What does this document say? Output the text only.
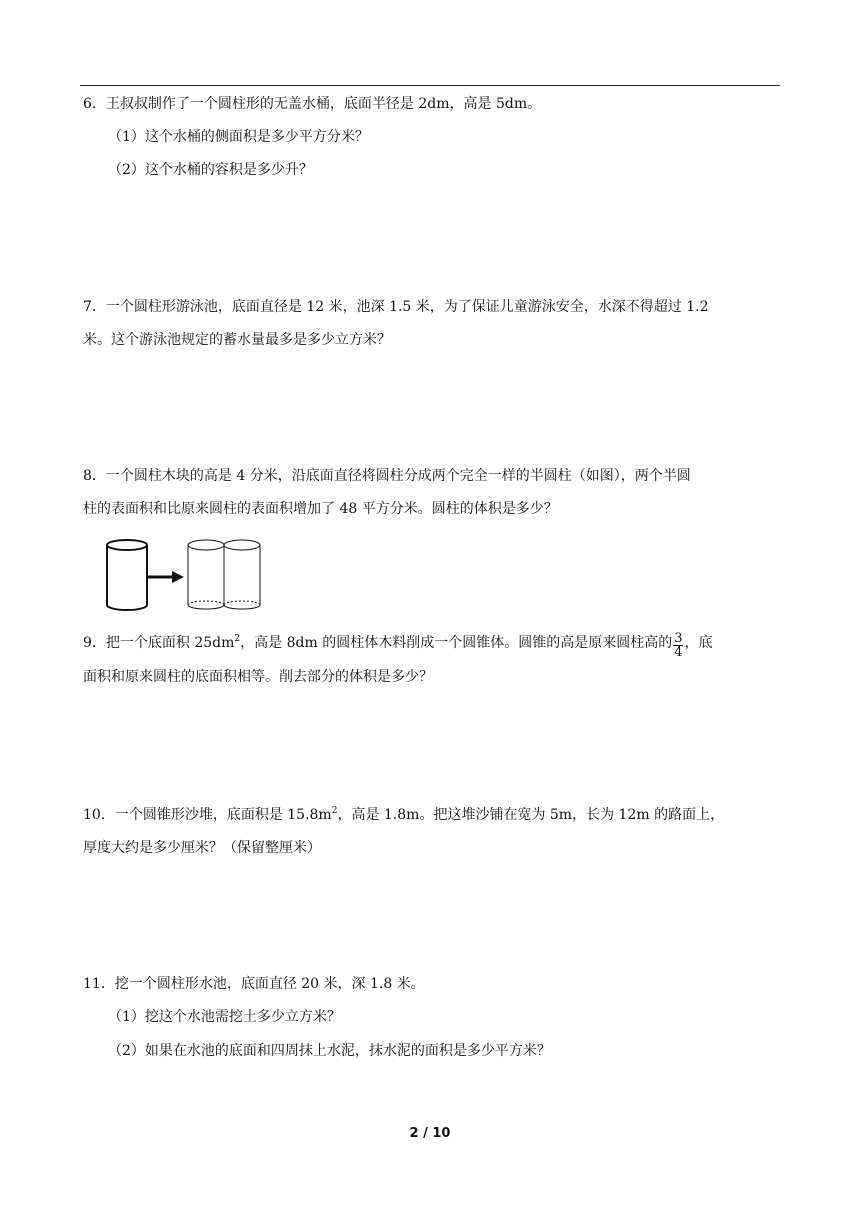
6．王叔叔制作了一个圆柱形的无盖水桶，底面半径是 2dm，高是 5dm。
（1）这个水桶的侧面积是多少平方分米？
（2）这个水桶的容积是多少升？
7．一个圆柱形游泳池，底面直径是 12 米，池深 1.5 米，为了保证儿童游泳安全，水深不得超过 1.2
米。这个游泳池规定的蓄水量最多是多少立方米？
8．一个圆柱木块的高是 4 分米，沿底面直径将圆柱分成两个完全一样的半圆柱（如图），两个半圆
柱的表面积和比原来圆柱的表面积增加了 48 平方分米。圆柱的体积是多少？
9．把一个底面积 $25dm^2$，高是 8dm 的圆柱体木料削成一个圆锥体。圆锥的高是原来圆柱高的 $\frac{3}{4}$ ，底
面积和原来圆柱的底面积相等。削去部分的体积是多少？
10．一个圆锥形沙堆，底面积是 $15.8m^2$，高是 1.8m。把这堆沙铺在宽为 5m，长为 12m 的路面上，
厚度大约是多少厘米？（保留整厘米）
11．挖一个圆柱形水池，底面直径 20 米，深 1.8 米。
（1）挖这个水池需挖土多少立方米？
（2）如果在水池的底面和四周抹上水泥，抹水泥的面积是多少平方米？
2 / 10
